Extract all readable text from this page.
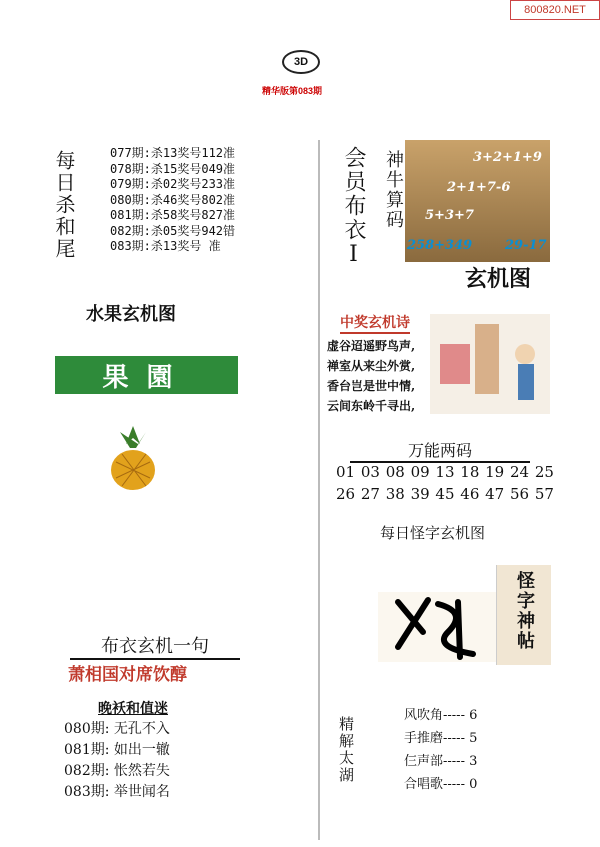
800820.NET
3D
精华版第083期
每日杀和尾	077期:杀13奖号112准
078期:杀15奖号049准
079期:杀02奖号233准
080期:杀46奖号802准
081期:杀58奖号827准
082期:杀05奖号942错
083期:杀13奖号 准
水果玄机图
果園
会员布衣Ⅰ 神牛算码	3+2+1+9
2+1+7-6
5+3+7
258+349	29-17
玄机图
中奖玄机诗
虚谷迢遥野鸟声,
禅室从来尘外赏,
香台岂是世中情,
云间东岭千寻出,
万能两码
01 03 08 09 13 18 19 24 25
26 27 38 39 45 46 47 56 57
每日怪字玄机图
怪字神帖
布衣玄机一句
萧相国对席饮醇
晚袄和值迷
080期: 无孔不入
081期: 如出一辙
082期: 怅然若失
083期: 举世闻名
精解太湖
风吹角----- 6
手推磨----- 5
仨声部----- 3
合唱歌----- 0
